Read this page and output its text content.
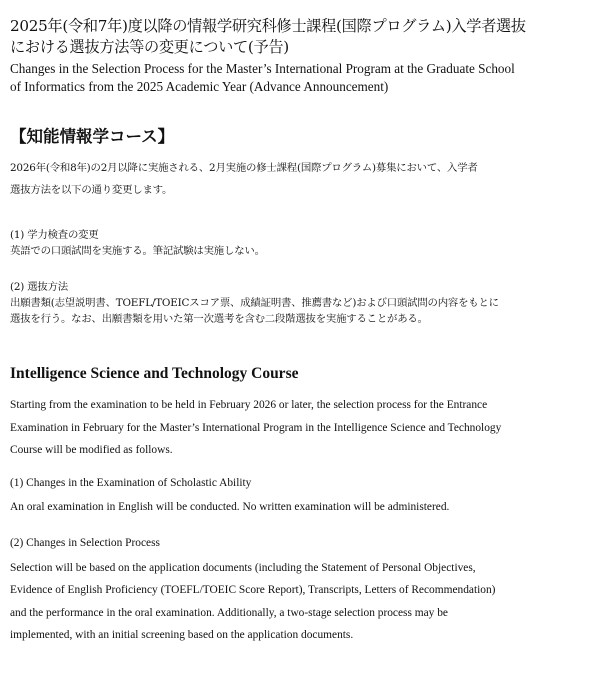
2025年(令和7年)度以降の情報学研究科修士課程(国際プログラム)入学者選抜
における選抜方法等の変更について(予告)

Changes in the Selection Process for the Master’s International Program at the Graduate School
of Informatics from the 2025 Academic Year (Advance Announcement)

【知能情報学コース】

2026年(令和8年)の2月以降に実施される、2月実施の修士課程(国際プログラム)募集において、入学者
選抜方法を以下の通り変更します。

(1) 学力検査の変更
英語での口頭試問を実施する。筆記試験は実施しない。
(2) 選抜方法
出願書類(志望説明書、TOEFL/TOEICスコア票、成績証明書、推薦書など)および口頭試問の内容をもとに
選抜を行う。なお、出願書類を用いた第一次選考を含む二段階選抜を実施することがある。
Intelligence Science and Technology Course

Starting from the examination to be held in February 2026 or later, the selection process for the Entrance
Examination in February for the Master’s International Program in the Intelligence Science and Technology
Course will be modified as follows.

(1) Changes in the Examination of Scholastic Ability

An oral examination in English will be conducted. No written examination will be administered.

(2) Changes in Selection Process

Selection will be based on the application documents (including the Statement of Personal Objectives,
Evidence of English Proficiency (TOEFL/TOEIC Score Report), Transcripts, Letters of Recommendation)
and the performance in the oral examination. Additionally, a two-stage selection process may be
implemented, with an initial screening based on the application documents.
